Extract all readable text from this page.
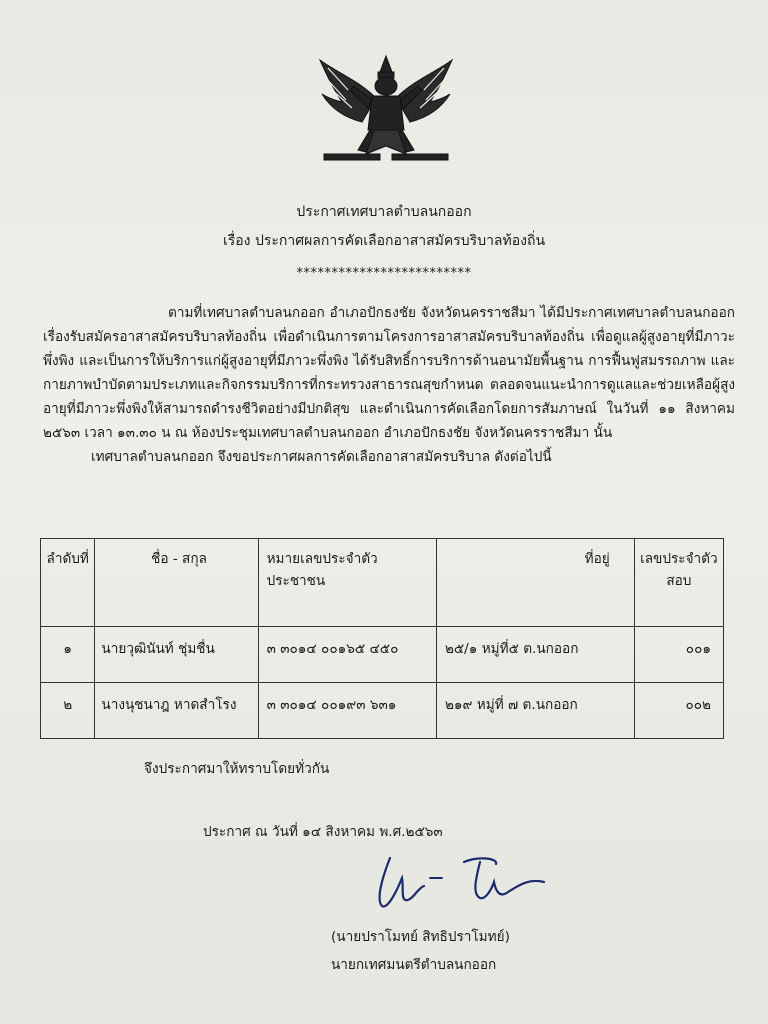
ประกาศเทศบาลตำบลนกออก
เรื่อง ประกาศผลการคัดเลือกอาสาสมัครบริบาลท้องถิ่น
*************************

ตามที่เทศบาลตำบลนกออก อำเภอปักธงชัย จังหวัดนครราชสีมา ได้มีประกาศเทศบาลตำบลนกออก เรื่องรับสมัครอาสาสมัครบริบาลท้องถิ่น เพื่อดำเนินการตามโครงการอาสาสมัครบริบาลท้องถิ่น เพื่อดูแลผู้สูงอายุที่มีภาวะพึ่งพิง และเป็นการให้บริการแก่ผู้สูงอายุที่มีภาวะพึ่งพิง ได้รับสิทธิ์การบริการด้านอนามัยพื้นฐาน การฟื้นฟูสมรรถภาพ และกายภาพบำบัดตามประเภทและกิจกรรมบริการที่กระทรวงสาธารณสุขกำหนด ตลอดจนแนะนำการดูแลและช่วยเหลือผู้สูงอายุที่มีภาวะพึ่งพิงให้สามารถดำรงชีวิตอย่างมีปกติสุข และดำเนินการคัดเลือกโดยการสัมภาษณ์ ในวันที่ ๑๑ สิงหาคม ๒๕๖๓ เวลา ๑๓.๓๐ น ณ ห้องประชุมเทศบาลตำบลนกออก อำเภอปักธงชัย จังหวัดนครราชสีมา นั้น

เทศบาลตำบลนกออก จึงขอประกาศผลการคัดเลือกอาสาสมัครบริบาล ดังต่อไปนี้

ลำดับที่	ชื่อ - สกุล	หมายเลขประจำตัวประชาชน	ที่อยู่	เลขประจำตัวสอบ
๑	นายวุฒินันท์ ชุ่มชื่น	๓ ๓๐๑๔ ๐๐๑๖๕ ๔๕๐	๒๕/๑ หมู่ที่๕ ต.นกออก	๐๐๑
๒	นางนุชนาฎ หาดสำโรง	๓ ๓๐๑๔ ๐๐๑๙๓ ๖๓๑	๒๑๙ หมู่ที่ ๗ ต.นกออก	๐๐๒
จึงประกาศมาให้ทราบโดยทั่วกัน
ประกาศ ณ วันที่ ๑๔ สิงหาคม พ.ศ.๒๕๖๓
(นายปราโมทย์ สิทธิปราโมทย์)
นายกเทศมนตรีตำบลนกออก
